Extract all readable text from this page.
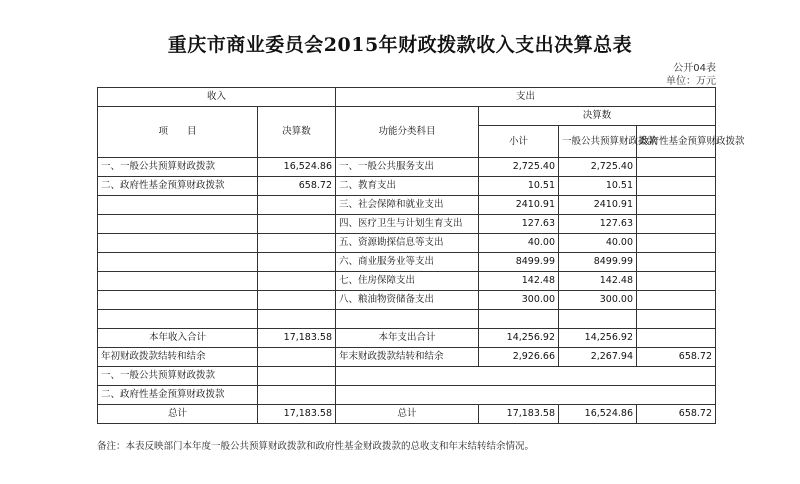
重庆市商业委员会2015年财政拨款收入支出决算总表
公开04表
单位：万元
收入		支出			
项　　目	决算数	功能分类科目	决算数		
			小计	一般公共预算财政拨款	政府性基金预算财政拨款
一、一般公共预算财政拨款	16,524.86	一、一般公共服务支出	2,725.40	2,725.40	
二、政府性基金预算财政拨款	658.72	二、教育支出	10.51	10.51	
		三、社会保障和就业支出	2410.91	2410.91	
		四、医疗卫生与计划生育支出	127.63	127.63	
		五、资源勘探信息等支出	40.00	40.00	
		六、商业服务业等支出	8499.99	8499.99	
		七、住房保障支出	142.48	142.48	
		八、粮油物资储备支出	300.00	300.00	

本年收入合计	17,183.58	本年支出合计	14,256.92	14,256.92	
年初财政拨款结转和结余		年末财政拨款结转和结余	2,926.66	2,267.94	658.72
一、一般公共预算财政拨款					
二、政府性基金预算财政拨款					
总计	17,183.58	总计	17,183.58	16,524.86	658.72
备注：本表反映部门本年度一般公共预算财政拨款和政府性基金财政拨款的总收支和年末结转结余情况。
